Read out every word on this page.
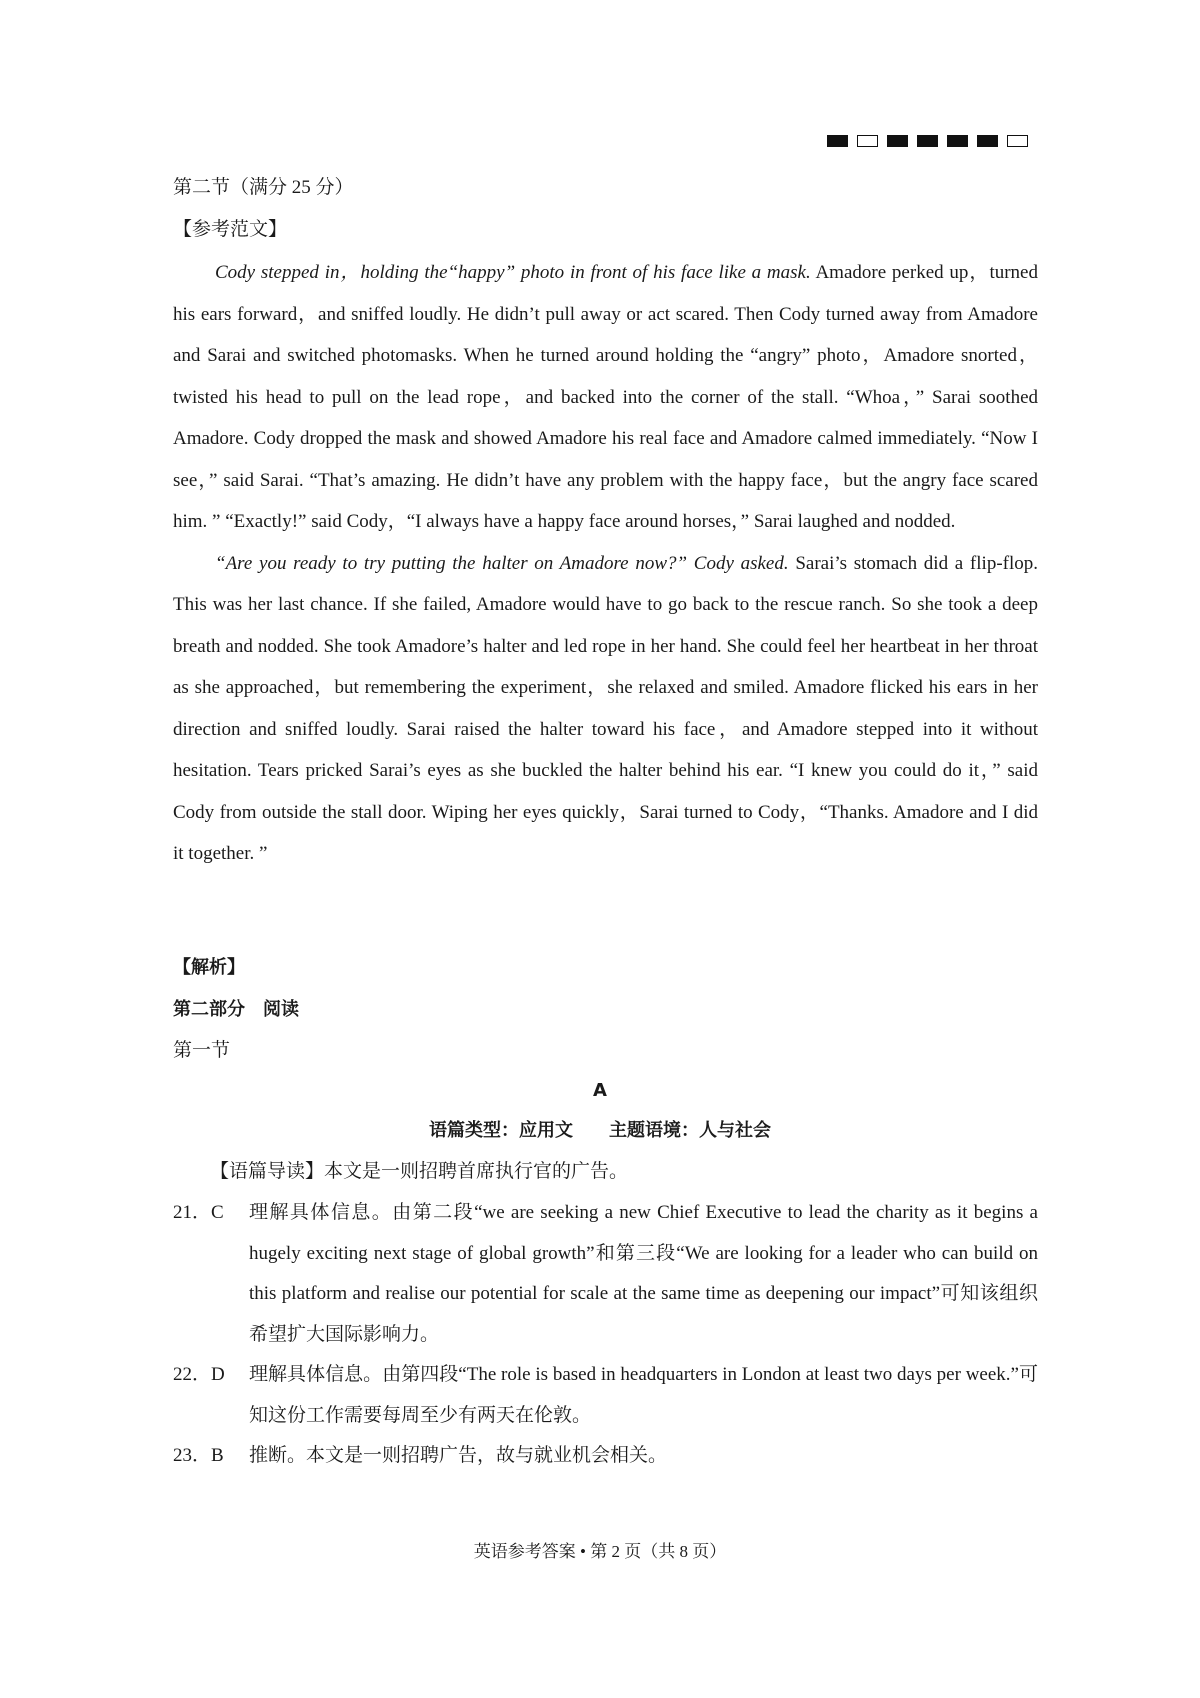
第二节（满分 25 分）
【参考范文】

Cody stepped in，holding the“happy” photo in front of his face like a mask. Amadore perked up，turned his ears forward，and sniffed loudly. He didn’t pull away or act scared. Then Cody turned away from Amadore and Sarai and switched photomasks. When he turned around holding the “angry” photo，Amadore snorted，twisted his head to pull on the lead rope，and backed into the corner of the stall. “Whoa，” Sarai soothed Amadore. Cody dropped the mask and showed Amadore his real face and Amadore calmed immediately. “Now I see，” said Sarai. “That’s amazing. He didn’t have any problem with the happy face，but the angry face scared him. ” “Exactly!” said Cody，“I always have a happy face around horses，” Sarai laughed and nodded.

“Are you ready to try putting the halter on Amadore now?” Cody asked. Sarai’s stomach did a flip-flop. This was her last chance. If she failed, Amadore would have to go back to the rescue ranch. So she took a deep breath and nodded. She took Amadore’s halter and led rope in her hand. She could feel her heartbeat in her throat as she approached，but remembering the experiment，she relaxed and smiled. Amadore flicked his ears in her direction and sniffed loudly. Sarai raised the halter toward his face，and Amadore stepped into it without hesitation. Tears pricked Sarai’s eyes as she buckled the halter behind his ear. “I knew you could do it，” said Cody from outside the stall door. Wiping her eyes quickly，Sarai turned to Cody，“Thanks. Amadore and I did it together. ”

【解析】
第二部分　阅读
第一节
A
语篇类型：应用文　　主题语境：人与社会
【语篇导读】本文是一则招聘首席执行官的广告。
21．C	理解具体信息。由第二段“we are seeking a new Chief Executive to lead the charity as it begins a hugely exciting next stage of global growth”和第三段“We are looking for a leader who can build on this platform and realise our potential for scale at the same time as deepening our impact”可知该组织希望扩大国际影响力。
22．D	理解具体信息。由第四段“The role is based in headquarters in London at least two days per week.”可知这份工作需要每周至少有两天在伦敦。
23．B	推断。本文是一则招聘广告，故与就业机会相关。
英语参考答案 • 第 2 页（共 8 页）
